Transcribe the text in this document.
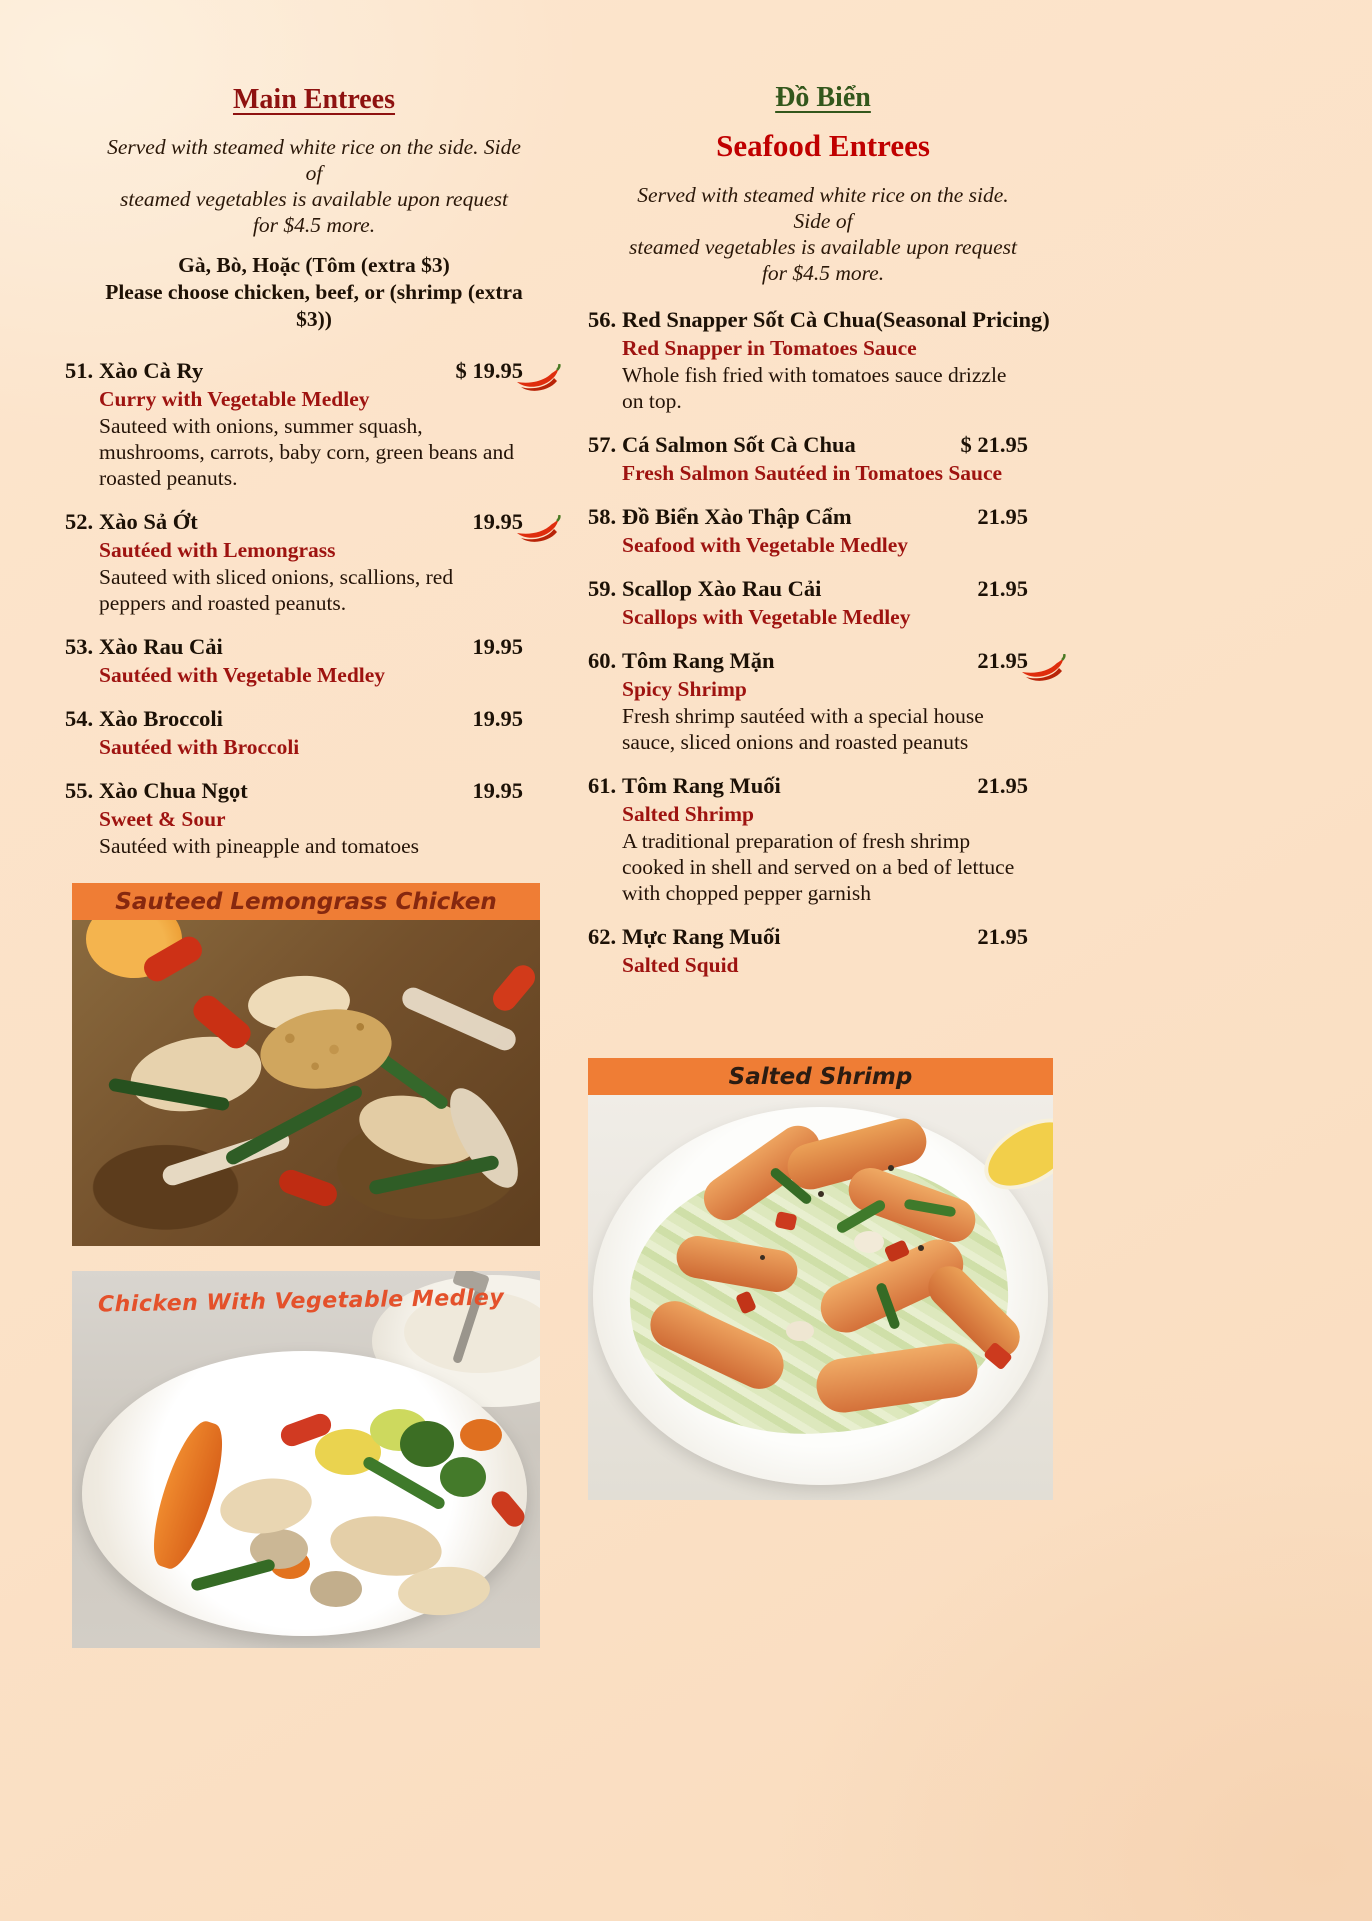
Main Entrees
Served with steamed white rice on the side. Side of
steamed vegetables is available upon request for $4.5 more.
Gà, Bò, Hoặc (Tôm (extra $3)
Please choose chicken, beef, or (shrimp (extra $3))
51. Xào Cà Ry	$ 19.95
Curry with Vegetable Medley
Sauteed with onions, summer squash, mushrooms, carrots, baby corn, green beans and roasted peanuts.
52. Xào Sả Ớt	19.95
Sautéed with Lemongrass
Sauteed with sliced onions, scallions, red peppers and roasted peanuts.
53. Xào Rau Cải	19.95
Sautéed with Vegetable Medley
54. Xào Broccoli	19.95
Sautéed with Broccoli
55. Xào Chua Ngọt	19.95
Sweet & Sour
Sautéed with pineapple and tomatoes
Sauteed Lemongrass Chicken
Chicken With Vegetable Medley
Đồ Biển
Seafood Entrees
Served with steamed white rice on the side. Side of
steamed vegetables is available upon request for $4.5 more.
56. Red Snapper Sốt Cà Chua (Seasonal Pricing)
Red Snapper in Tomatoes Sauce
Whole fish fried with tomatoes sauce drizzle on top.
57. Cá Salmon Sốt Cà Chua	$ 21.95
Fresh Salmon Sautéed in Tomatoes Sauce
58. Đồ Biển Xào Thập Cẩm	21.95
Seafood with Vegetable Medley
59. Scallop Xào Rau Cải	21.95
Scallops with Vegetable Medley
60. Tôm Rang Mặn	21.95
Spicy Shrimp
Fresh shrimp sautéed with a special house sauce, sliced onions and roasted peanuts
61. Tôm Rang Muối	21.95
Salted Shrimp
A traditional preparation of fresh shrimp cooked in shell and served on a bed of lettuce with chopped pepper garnish
62. Mực Rang Muối	21.95
Salted Squid
Salted Shrimp
